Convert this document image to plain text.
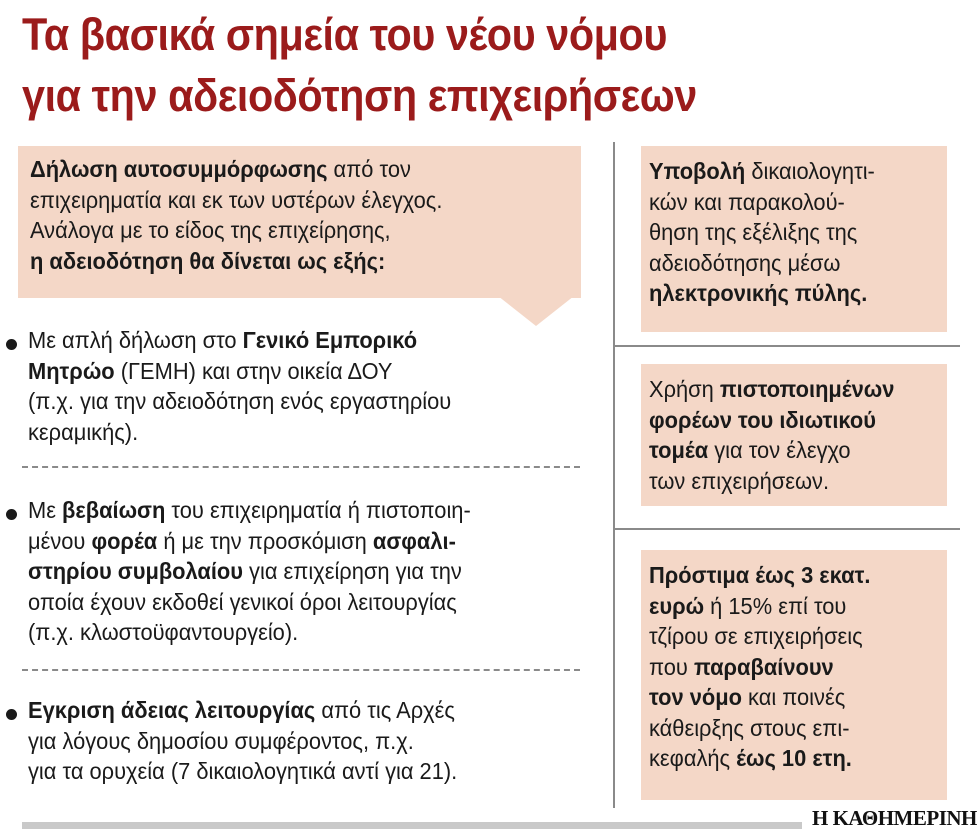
Τα βασικά σημεία του νέου νόμου
για την αδειοδότηση επιχειρήσεων
Δήλωση αυτοσυμμόρφωσης από τον
επιχειρηματία και εκ των υστέρων έλεγχος.
Ανάλογα με το είδος της επιχείρησης,
η αδειοδότηση θα δίνεται ως εξής:
Με απλή δήλωση στο Γενικό Εμπορικό
Μητρώο (ΓΕΜΗ) και στην οικεία ΔΟΥ
(π.χ. για την αδειοδότηση ενός εργαστηρίου
κεραμικής).
Με βεβαίωση του επιχειρηματία ή πιστοποιη-
μένου φορέα ή με την προσκόμιση ασφαλι-
στηρίου συμβολαίου για επιχείρηση για την
οποία έχουν εκδοθεί γενικοί όροι λειτουργίας
(π.χ. κλωστοϋφαντουργείο).
Εγκριση άδειας λειτουργίας από τις Αρχές
για λόγους δημοσίου συμφέροντος, π.χ.
για τα ορυχεία (7 δικαιολογητικά αντί για 21).
Υποβολή δικαιολογητι-
κών και παρακολού-
θηση της εξέλιξης της
αδειοδότησης μέσω
ηλεκτρονικής πύλης.
Χρήση πιστοποιημένων
φορέων του ιδιωτικού
τομέα για τον έλεγχο
των επιχειρήσεων.
Πρόστιμα έως 3 εκατ.
ευρώ ή 15% επί του
τζίρου σε επιχειρήσεις
που παραβαίνουν
τον νόμο και ποινές
κάθειρξης στους επι-
κεφαλής έως 10 ετη.
Η ΚΑΘΗΜΕΡΙΝΗ
